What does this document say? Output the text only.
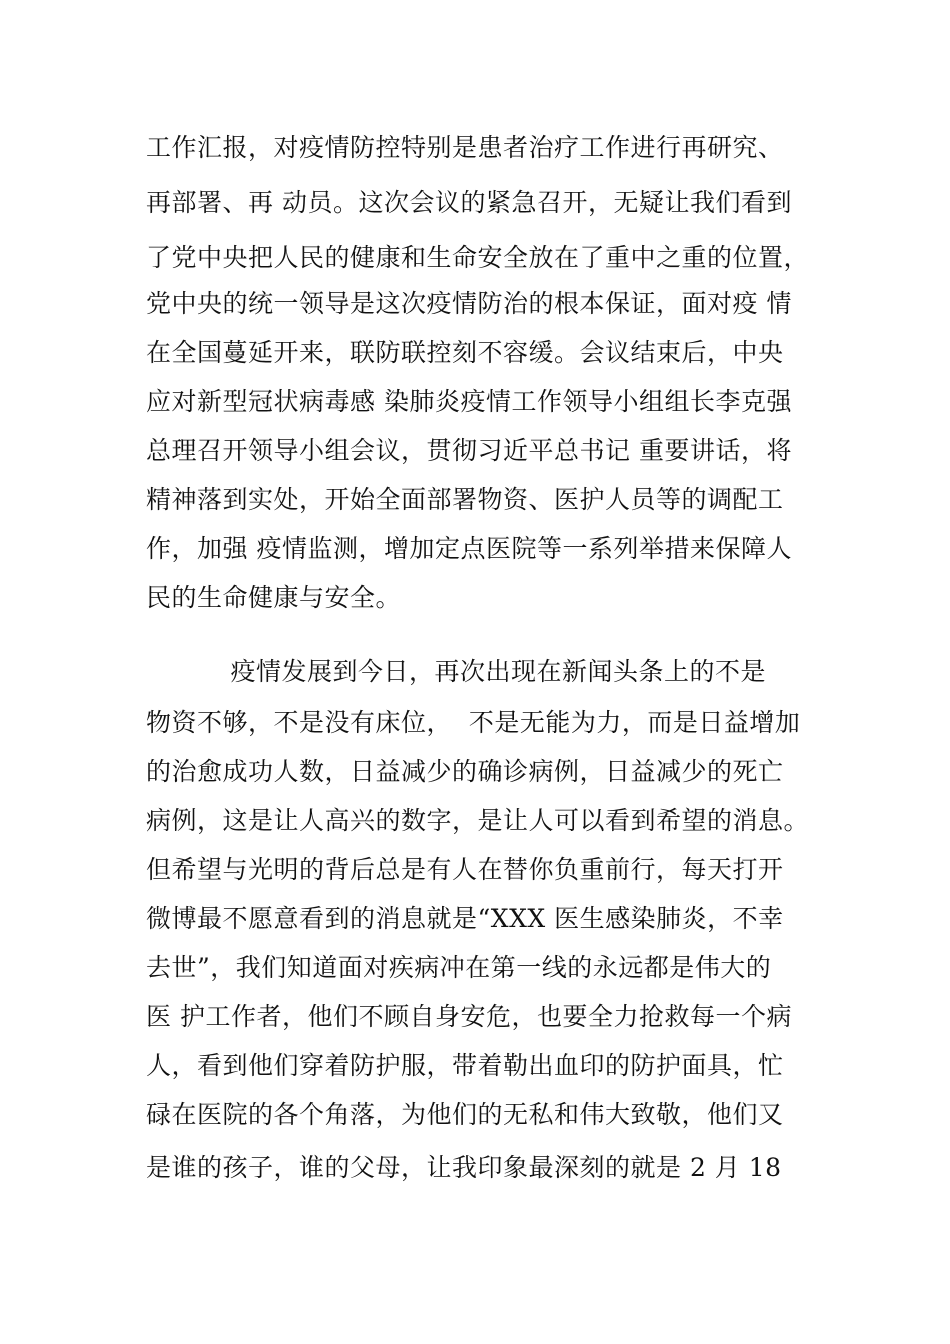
工作汇报，对疫情防控特别是患者治疗工作进行再研究、
再部署、再 动员。这次会议的紧急召开，无疑让我们看到
了党中央把人民的健康和生命安全放在了重中之重的位置，
党中央的统一领导是这次疫情防治的根本保证，面对疫 情
在全国蔓延开来，联防联控刻不容缓。会议结束后，中央
应对新型冠状病毒感 染肺炎疫情工作领导小组组长李克强
总理召开领导小组会议，贯彻习近平总书记 重要讲话，将
精神落到实处，开始全面部署物资、医护人员等的调配工
作，加强 疫情监测，增加定点医院等一系列举措来保障人
民的生命健康与安全。
疫情发展到今日，再次出现在新闻头条上的不是
物资不够，不是没有床位，  不是无能为力，而是日益增加
的治愈成功人数，日益减少的确诊病例，日益减少的死亡
病例，这是让人高兴的数字，是让人可以看到希望的消息。
但希望与光明的背后总是有人在替你负重前行，每天打开
微博最不愿意看到的消息就是“XXX 医生感染肺炎，不幸
去世”，我们知道面对疾病冲在第一线的永远都是伟大的
医 护工作者，他们不顾自身安危，也要全力抢救每一个病
人，看到他们穿着防护服，带着勒出血印的防护面具，忙
碌在医院的各个角落，为他们的无私和伟大致敬，他们又
是谁的孩子，谁的父母，让我印象最深刻的就是 2 月 18
